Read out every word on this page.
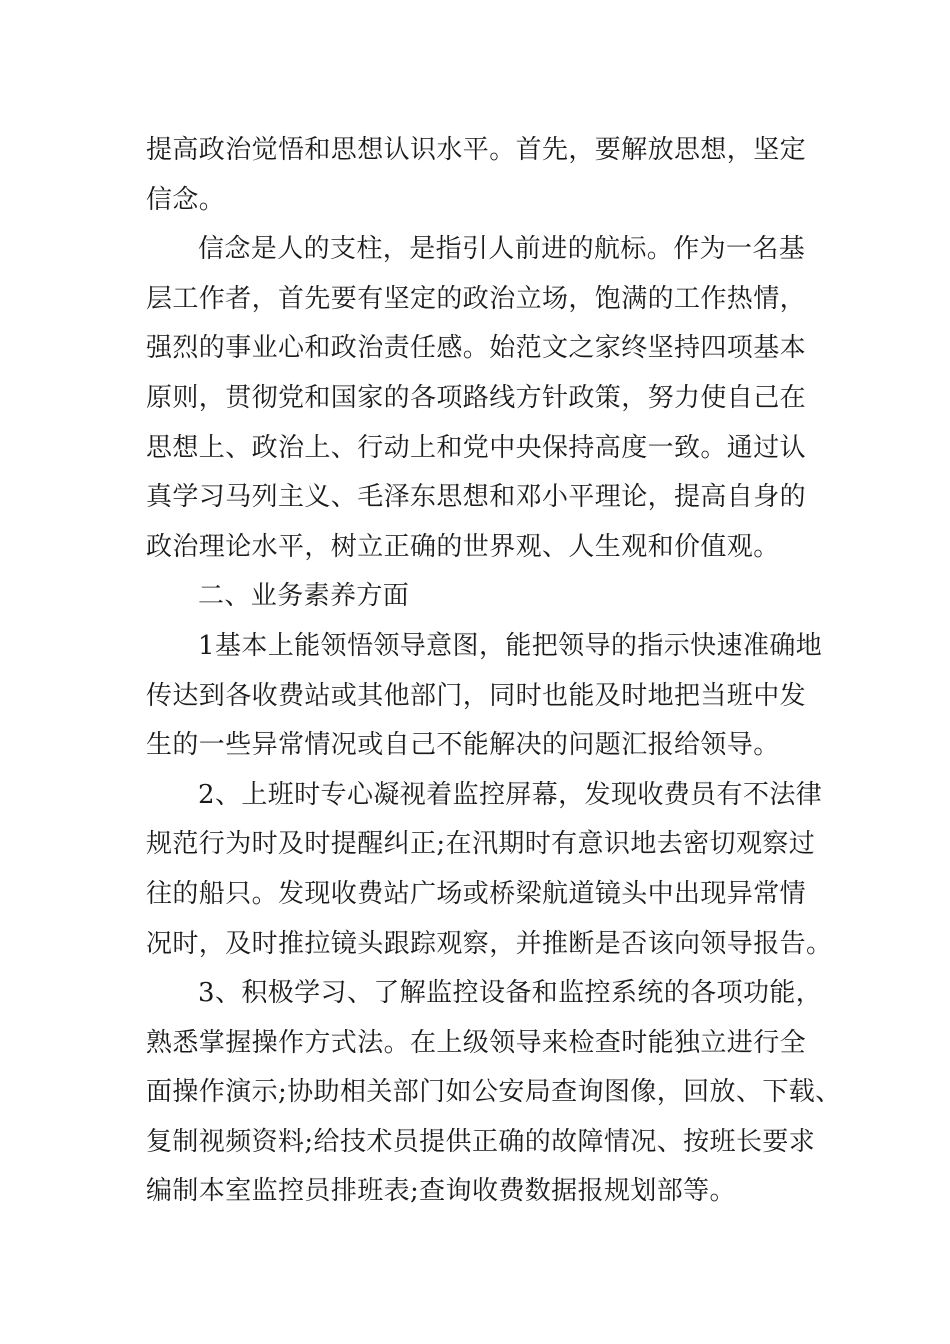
提高政治觉悟和思想认识水平。首先，要解放思想，坚定
信念。
信念是人的支柱，是指引人前进的航标。作为一名基
层工作者，首先要有坚定的政治立场，饱满的工作热情，
强烈的事业心和政治责任感。始范文之家终坚持四项基本
原则，贯彻党和国家的各项路线方针政策，努力使自己在
思想上、政治上、行动上和党中央保持高度一致。通过认
真学习马列主义、毛泽东思想和邓小平理论，提高自身的
政治理论水平，树立正确的世界观、人生观和价值观。
二、业务素养方面
1基本上能领悟领导意图，能把领导的指示快速准确地
传达到各收费站或其他部门，同时也能及时地把当班中发
生的一些异常情况或自己不能解决的问题汇报给领导。
2、上班时专心凝视着监控屏幕，发现收费员有不法律
规范行为时及时提醒纠正;在汛期时有意识地去密切观察过
往的船只。发现收费站广场或桥梁航道镜头中出现异常情
况时，及时推拉镜头跟踪观察，并推断是否该向领导报告。
3、积极学习、了解监控设备和监控系统的各项功能，
熟悉掌握操作方式法。在上级领导来检查时能独立进行全
面操作演示;协助相关部门如公安局查询图像，回放、下载、
复制视频资料;给技术员提供正确的故障情况、按班长要求
编制本室监控员排班表;查询收费数据报规划部等。
